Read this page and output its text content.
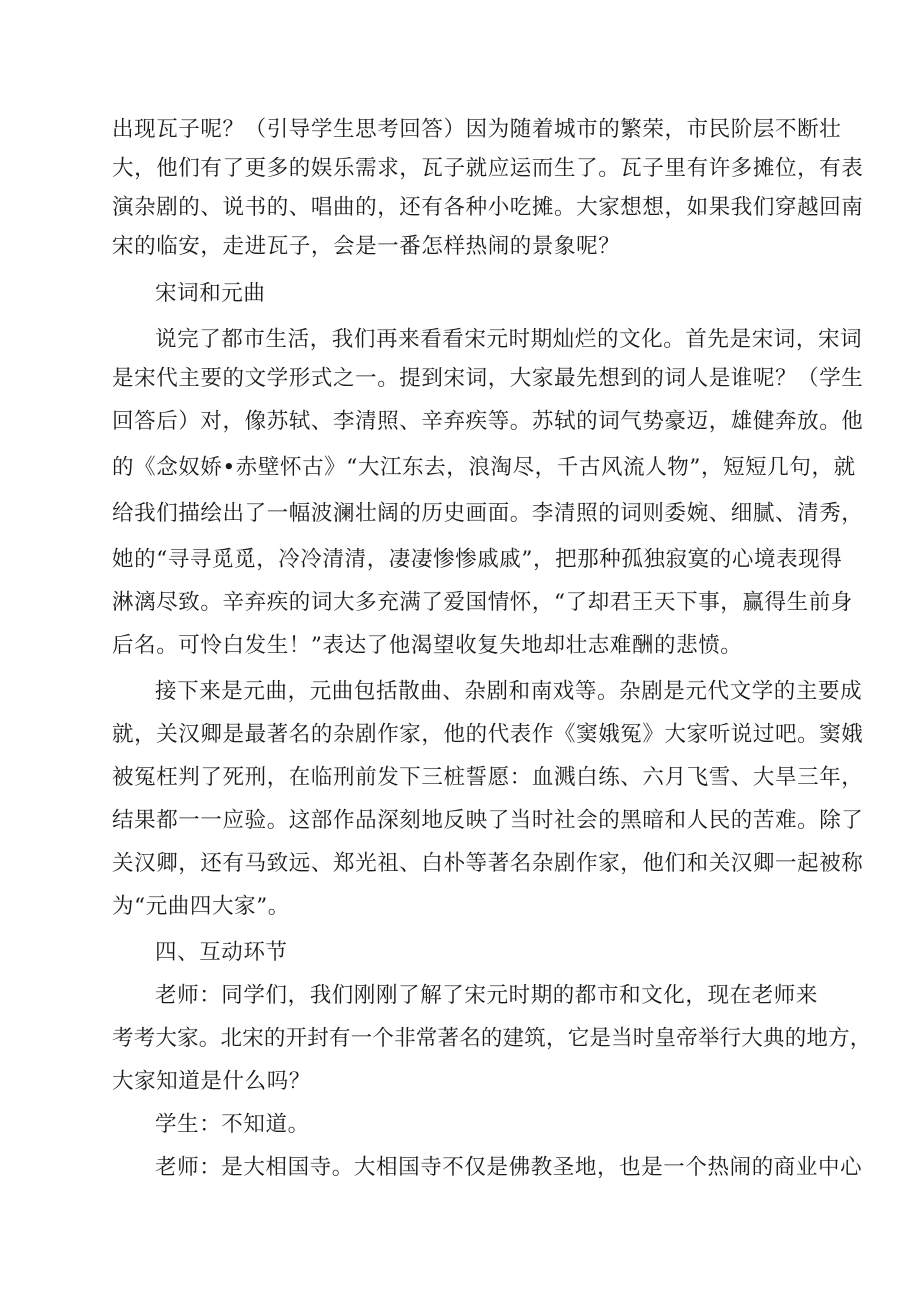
出现瓦子呢？（引导学生思考回答）因为随着城市的繁荣，市民阶层不断壮
大，他们有了更多的娱乐需求，瓦子就应运而生了。瓦子里有许多摊位，有表
演杂剧的、说书的、唱曲的，还有各种小吃摊。大家想想，如果我们穿越回南
宋的临安，走进瓦子，会是一番怎样热闹的景象呢？
宋词和元曲
说完了都市生活，我们再来看看宋元时期灿烂的文化。首先是宋词，宋词
是宋代主要的文学形式之一。提到宋词，大家最先想到的词人是谁呢？（学生
回答后）对，像苏轼、李清照、辛弃疾等。苏轼的词气势豪迈，雄健奔放。他
的《念奴娇•赤壁怀古》“大江东去，浪淘尽，千古风流人物”，短短几句，就
给我们描绘出了一幅波澜壮阔的历史画面。李清照的词则委婉、细腻、清秀，
她的“寻寻觅觅，冷冷清清，凄凄惨惨戚戚”，把那种孤独寂寞的心境表现得
淋漓尽致。辛弃疾的词大多充满了爱国情怀，“了却君王天下事，赢得生前身
后名。可怜白发生！”表达了他渴望收复失地却壮志难酬的悲愤。
接下来是元曲，元曲包括散曲、杂剧和南戏等。杂剧是元代文学的主要成
就，关汉卿是最著名的杂剧作家，他的代表作《窦娥冤》大家听说过吧。窦娥
被冤枉判了死刑，在临刑前发下三桩誓愿：血溅白练、六月飞雪、大旱三年，
结果都一一应验。这部作品深刻地反映了当时社会的黑暗和人民的苦难。除了
关汉卿，还有马致远、郑光祖、白朴等著名杂剧作家，他们和关汉卿一起被称
为“元曲四大家”。
四、互动环节
老师：同学们，我们刚刚了解了宋元时期的都市和文化，现在老师来
考考大家。北宋的开封有一个非常著名的建筑，它是当时皇帝举行大典的地方，
大家知道是什么吗？
学生：不知道。
老师：是大相国寺。大相国寺不仅是佛教圣地，也是一个热闹的商业中心
